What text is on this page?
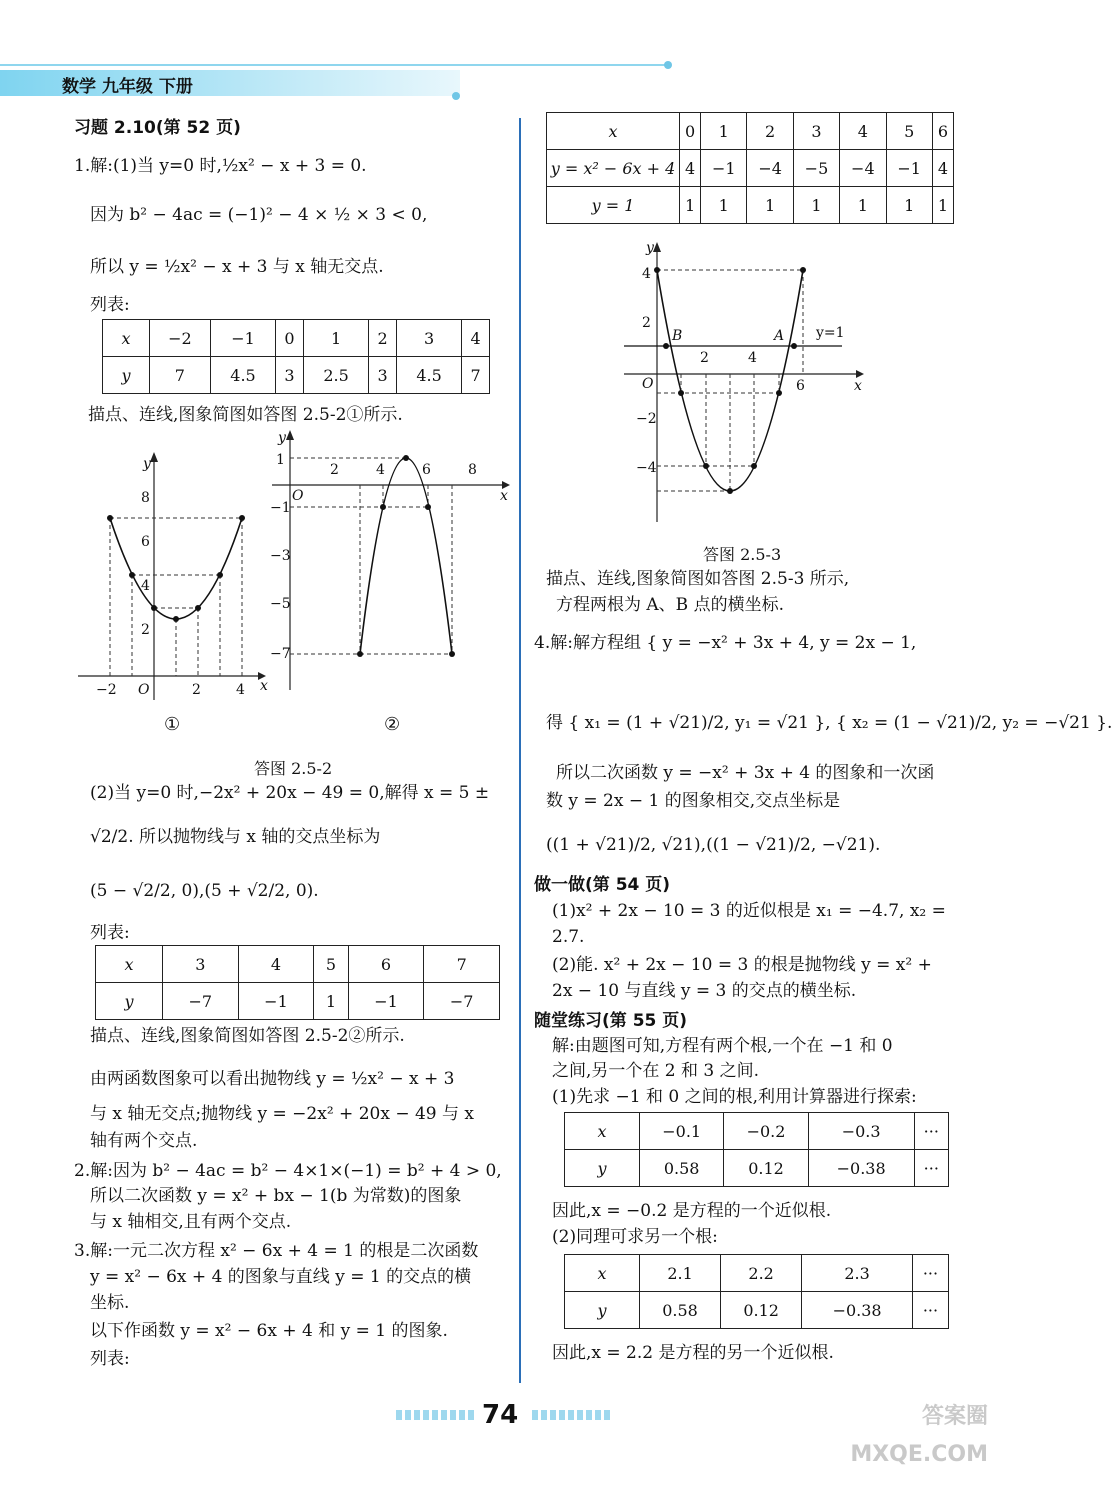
数学 九年级 下册
习题 2.10(第 52 页)
1.解:(1)当 y=0 时,½x² − x + 3 = 0.
因为 b² − 4ac = (−1)² − 4 × ½ × 3 < 0,
所以 y = ½x² − x + 3 与 x 轴无交点.
列表:
x	−2	−1	0	1	2	3	4
y	7	4.5	3	2.5	3	4.5	7
描点、连线,图象简图如答图 2.5-2①所示.
y
x
O
−2	2	4
2
4
6
8
①
y
x
O
2	4	6	8
1
−1
−3
−5
−7
②
答图 2.5-2
(2)当 y=0 时,−2x² + 20x − 49 = 0,解得 x = 5 ±
√2/2. 所以抛物线与 x 轴的交点坐标为
(5 − √2/2, 0),(5 + √2/2, 0).
列表:
x	3	4	5	6	7
y	−7	−1	1	−1	−7
描点、连线,图象简图如答图 2.5-2②所示.
由两函数图象可以看出抛物线 y = ½x² − x + 3
与 x 轴无交点;抛物线 y = −2x² + 20x − 49 与 x
轴有两个交点.
2.解:因为 b² − 4ac = b² − 4×1×(−1) = b² + 4 > 0,
所以二次函数 y = x² + bx − 1(b 为常数)的图象
与 x 轴相交,且有两个交点.
3.解:一元二次方程 x² − 6x + 4 = 1 的根是二次函数
y = x² − 6x + 4 的图象与直线 y = 1 的交点的横
坐标.
以下作函数 y = x² − 6x + 4 和 y = 1 的图象.
列表:
x	0	1	2	3	4	5	6
y = x² − 6x + 4	4	−1	−4	−5	−4	−1	4
y = 1	1	1	1	1	1	1	1
y
x
O
2	4
6
4
2
−2
−4
y=1
B	A
答图 2.5-3
描点、连线,图象简图如答图 2.5-3 所示,
方程两根为 A、B 点的横坐标.
4.解:解方程组 { y = −x² + 3x + 4, y = 2x − 1,
得 { x₁ = (1 + √21)/2, y₁ = √21 }, { x₂ = (1 − √21)/2, y₂ = −√21 }.
所以二次函数 y = −x² + 3x + 4 的图象和一次函
数 y = 2x − 1 的图象相交,交点坐标是
((1 + √21)/2, √21),((1 − √21)/2, −√21).
做一做(第 54 页)
(1)x² + 2x − 10 = 3 的近似根是 x₁ = −4.7, x₂ =
2.7.
(2)能. x² + 2x − 10 = 3 的根是抛物线 y = x² +
2x − 10 与直线 y = 3 的交点的横坐标.
随堂练习(第 55 页)
解:由题图可知,方程有两个根,一个在 −1 和 0
之间,另一个在 2 和 3 之间.
(1)先求 −1 和 0 之间的根,利用计算器进行探索:
x	−0.1	−0.2	−0.3	···
y	0.58	0.12	−0.38	···
因此,x = −0.2 是方程的一个近似根.
(2)同理可求另一个根:
x	2.1	2.2	2.3	···
y	0.58	0.12	−0.38	···
因此,x = 2.2 是方程的另一个近似根.
74	答案圈
MXQE.COM
